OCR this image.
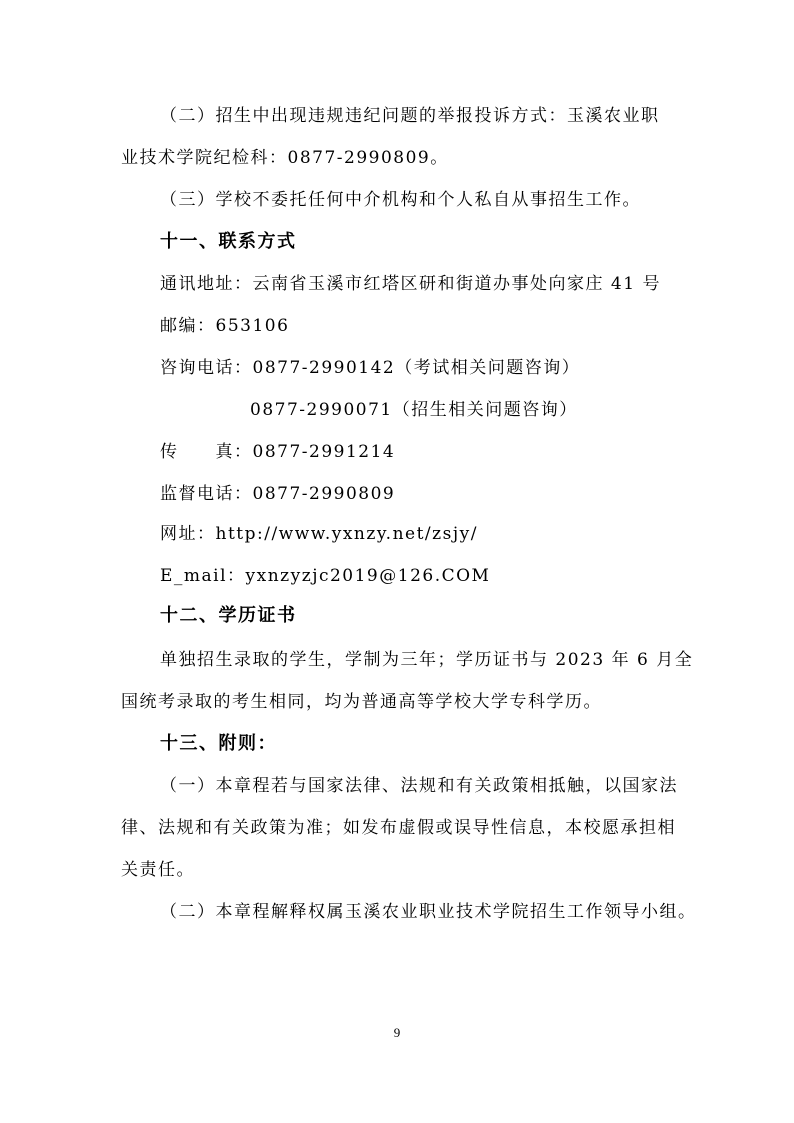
（二）招生中出现违规违纪问题的举报投诉方式：玉溪农业职
业技术学院纪检科：0877-2990809。
（三）学校不委托任何中介机构和个人私自从事招生工作。
十一、联系方式
通讯地址：云南省玉溪市红塔区研和街道办事处向家庄 41 号
邮编：653106
咨询电话：0877-2990142（考试相关问题咨询）
0877-2990071（招生相关问题咨询）
传　　真：0877-2991214
监督电话：0877-2990809
网址：http://www.yxnzy.net/zsjy/
E_mail：yxnzyzjc2019@126.COM
十二、学历证书
单独招生录取的学生，学制为三年；学历证书与 2023 年 6 月全
国统考录取的考生相同，均为普通高等学校大学专科学历。
十三、附则：
（一）本章程若与国家法律、法规和有关政策相抵触，以国家法
律、法规和有关政策为准；如发布虚假或误导性信息，本校愿承担相
关责任。
（二）本章程解释权属玉溪农业职业技术学院招生工作领导小组。
9
